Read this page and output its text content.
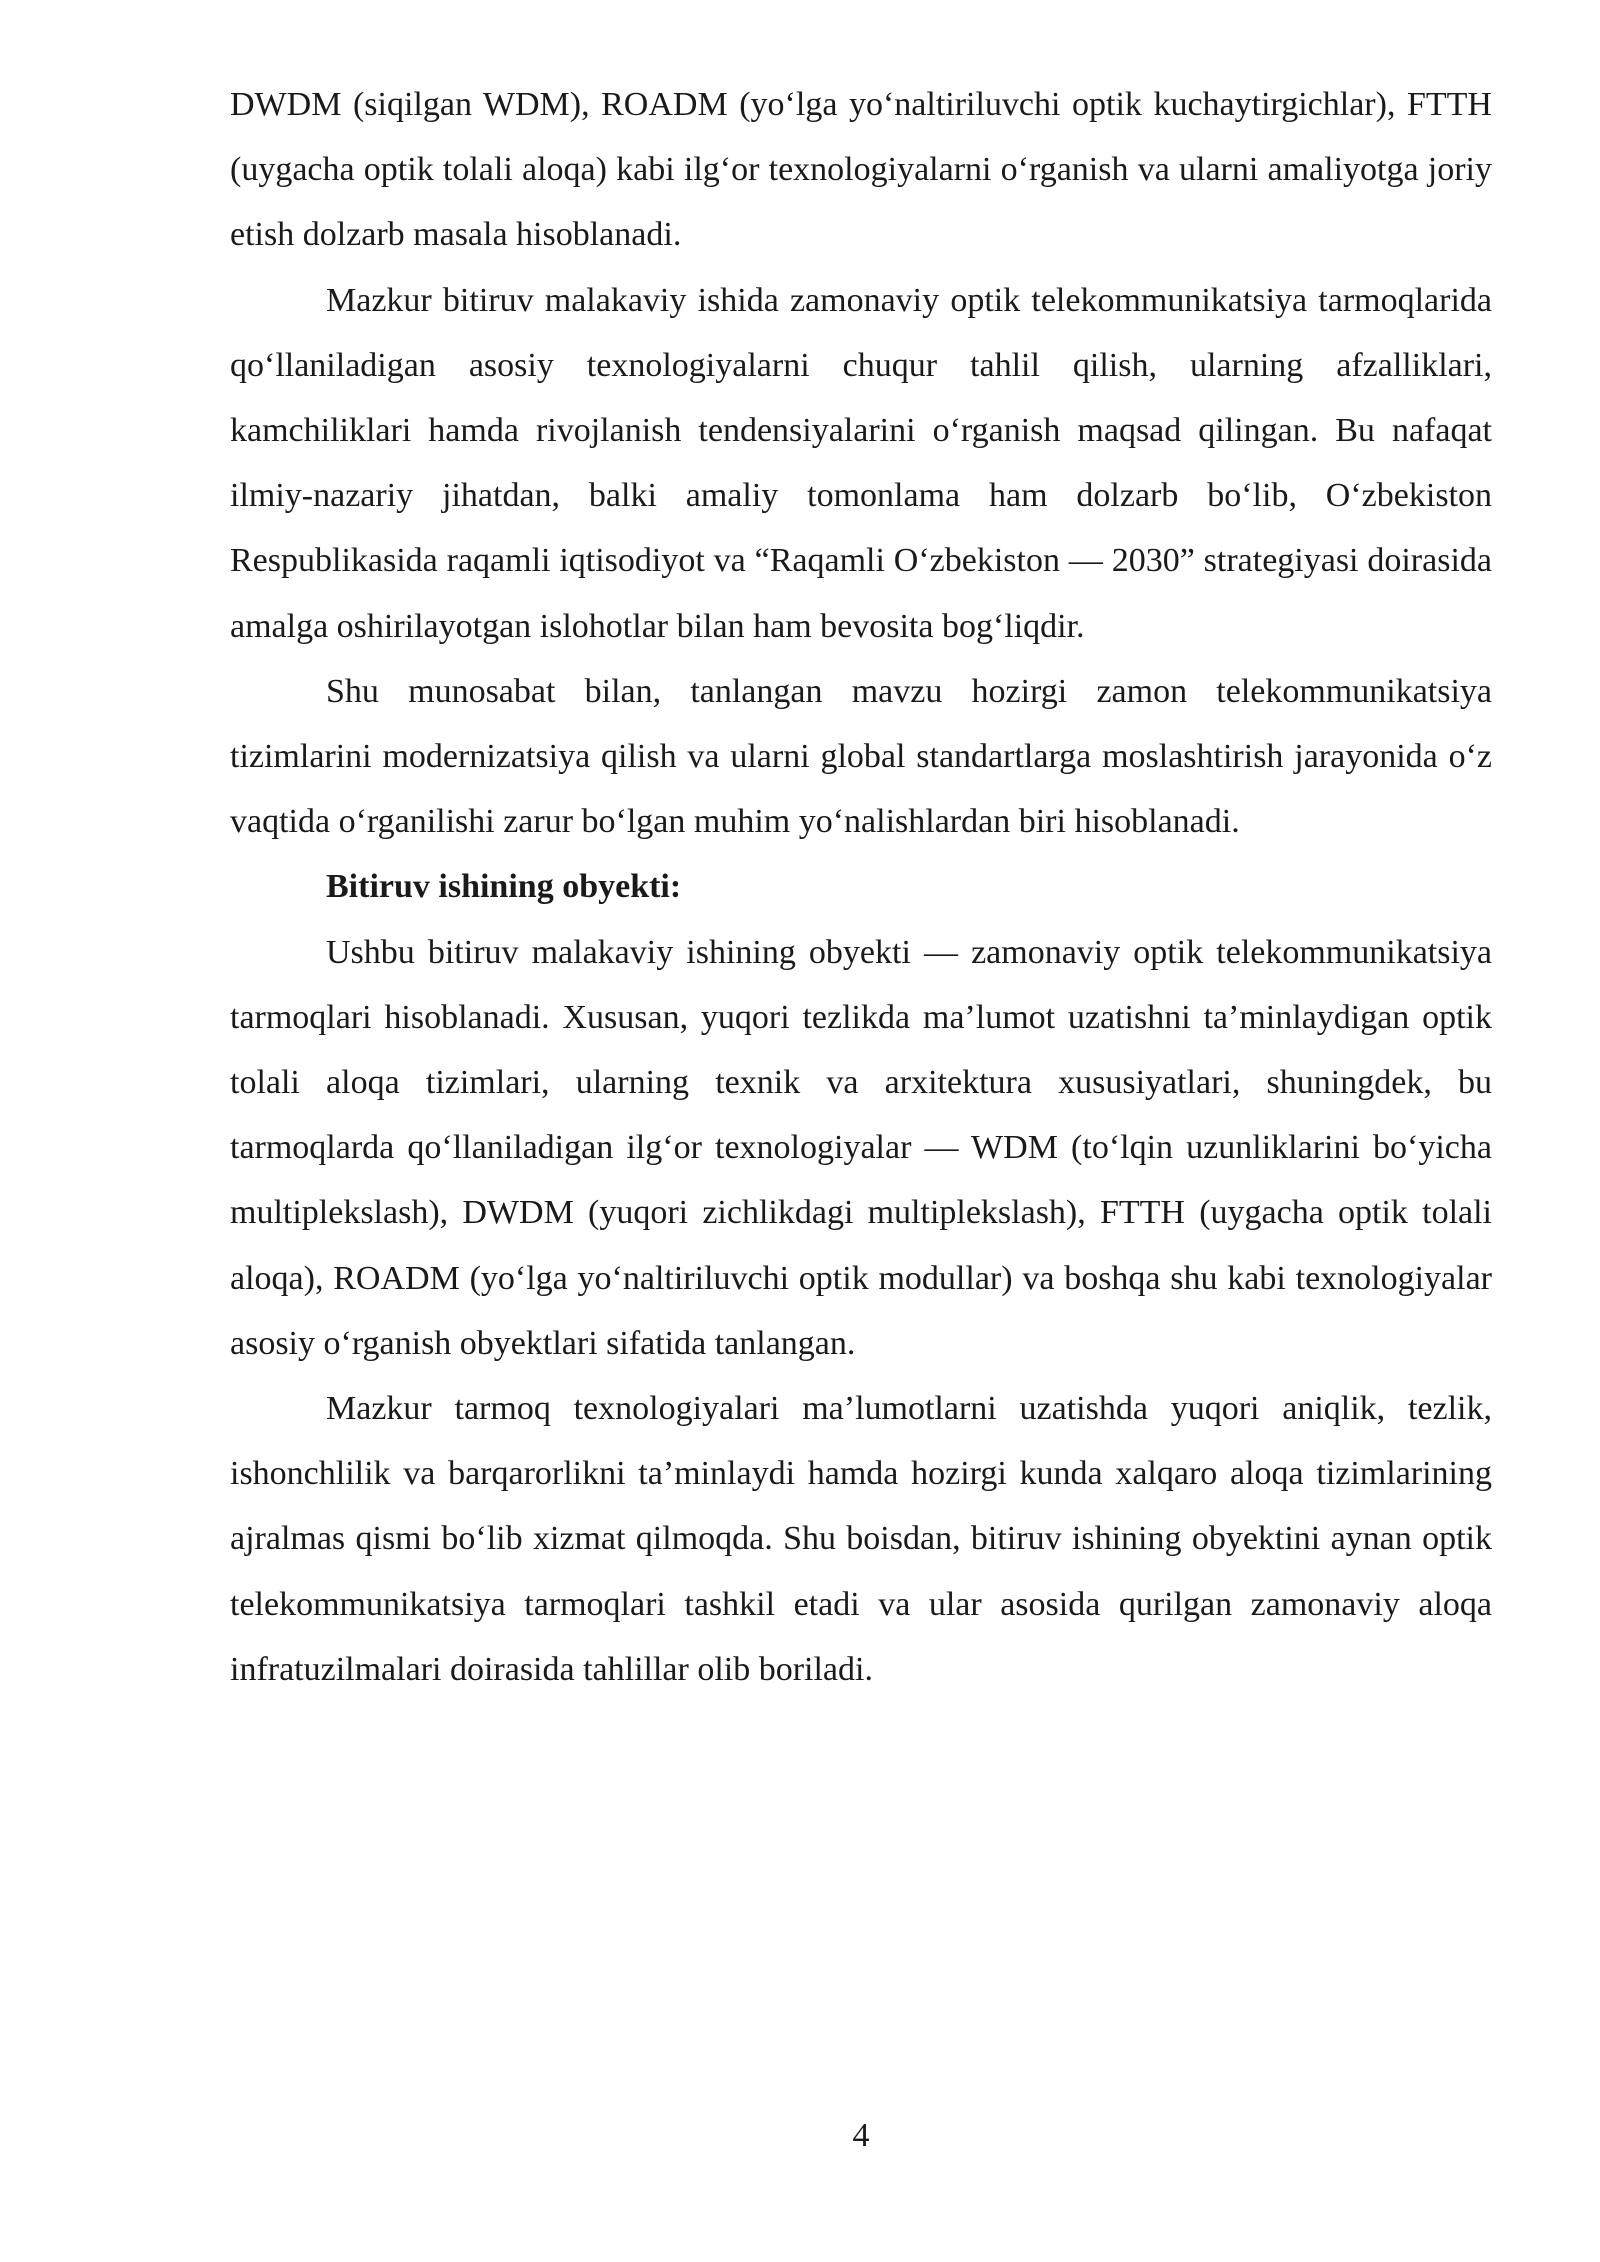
DWDM (siqilgan WDM), ROADM (yo‘lga yo‘naltiriluvchi optik kuchaytirgichlar), FTTH (uygacha optik tolali aloqa) kabi ilg‘or texnologiyalarni o‘rganish va ularni amaliyotga joriy etish dolzarb masala hisoblanadi.

Mazkur bitiruv malakaviy ishida zamonaviy optik telekommunikatsiya tarmoqlarida qo‘llaniladigan asosiy texnologiyalarni chuqur tahlil qilish, ularning afzalliklari, kamchiliklari hamda rivojlanish tendensiyalarini o‘rganish maqsad qilingan. Bu nafaqat ilmiy-nazariy jihatdan, balki amaliy tomonlama ham dolzarb bo‘lib, O‘zbekiston Respublikasida raqamli iqtisodiyot va “Raqamli O‘zbekiston — 2030” strategiyasi doirasida amalga oshirilayotgan islohotlar bilan ham bevosita bog‘liqdir.

Shu munosabat bilan, tanlangan mavzu hozirgi zamon telekommunikatsiya tizimlarini modernizatsiya qilish va ularni global standartlarga moslashtirish jarayonida o‘z vaqtida o‘rganilishi zarur bo‘lgan muhim yo‘nalishlardan biri hisoblanadi.

Bitiruv ishining obyekti:

Ushbu bitiruv malakaviy ishining obyekti — zamonaviy optik telekommunikatsiya tarmoqlari hisoblanadi. Xususan, yuqori tezlikda ma’lumot uzatishni ta’minlaydigan optik tolali aloqa tizimlari, ularning texnik va arxitektura xususiyatlari, shuningdek, bu tarmoqlarda qo‘llaniladigan ilg‘or texnologiyalar — WDM (to‘lqin uzunliklarini bo‘yicha multiplekslash), DWDM (yuqori zichlikdagi multiplekslash), FTTH (uygacha optik tolali aloqa), ROADM (yo‘lga yo‘naltiriluvchi optik modullar) va boshqa shu kabi texnologiyalar asosiy o‘rganish obyektlari sifatida tanlangan.

Mazkur tarmoq texnologiyalari ma’lumotlarni uzatishda yuqori aniqlik, tezlik, ishonchlilik va barqarorlikni ta’minlaydi hamda hozirgi kunda xalqaro aloqa tizimlarining ajralmas qismi bo‘lib xizmat qilmoqda. Shu boisdan, bitiruv ishining obyektini aynan optik telekommunikatsiya tarmoqlari tashkil etadi va ular asosida qurilgan zamonaviy aloqa infratuzilmalari doirasida tahlillar olib boriladi.

4
